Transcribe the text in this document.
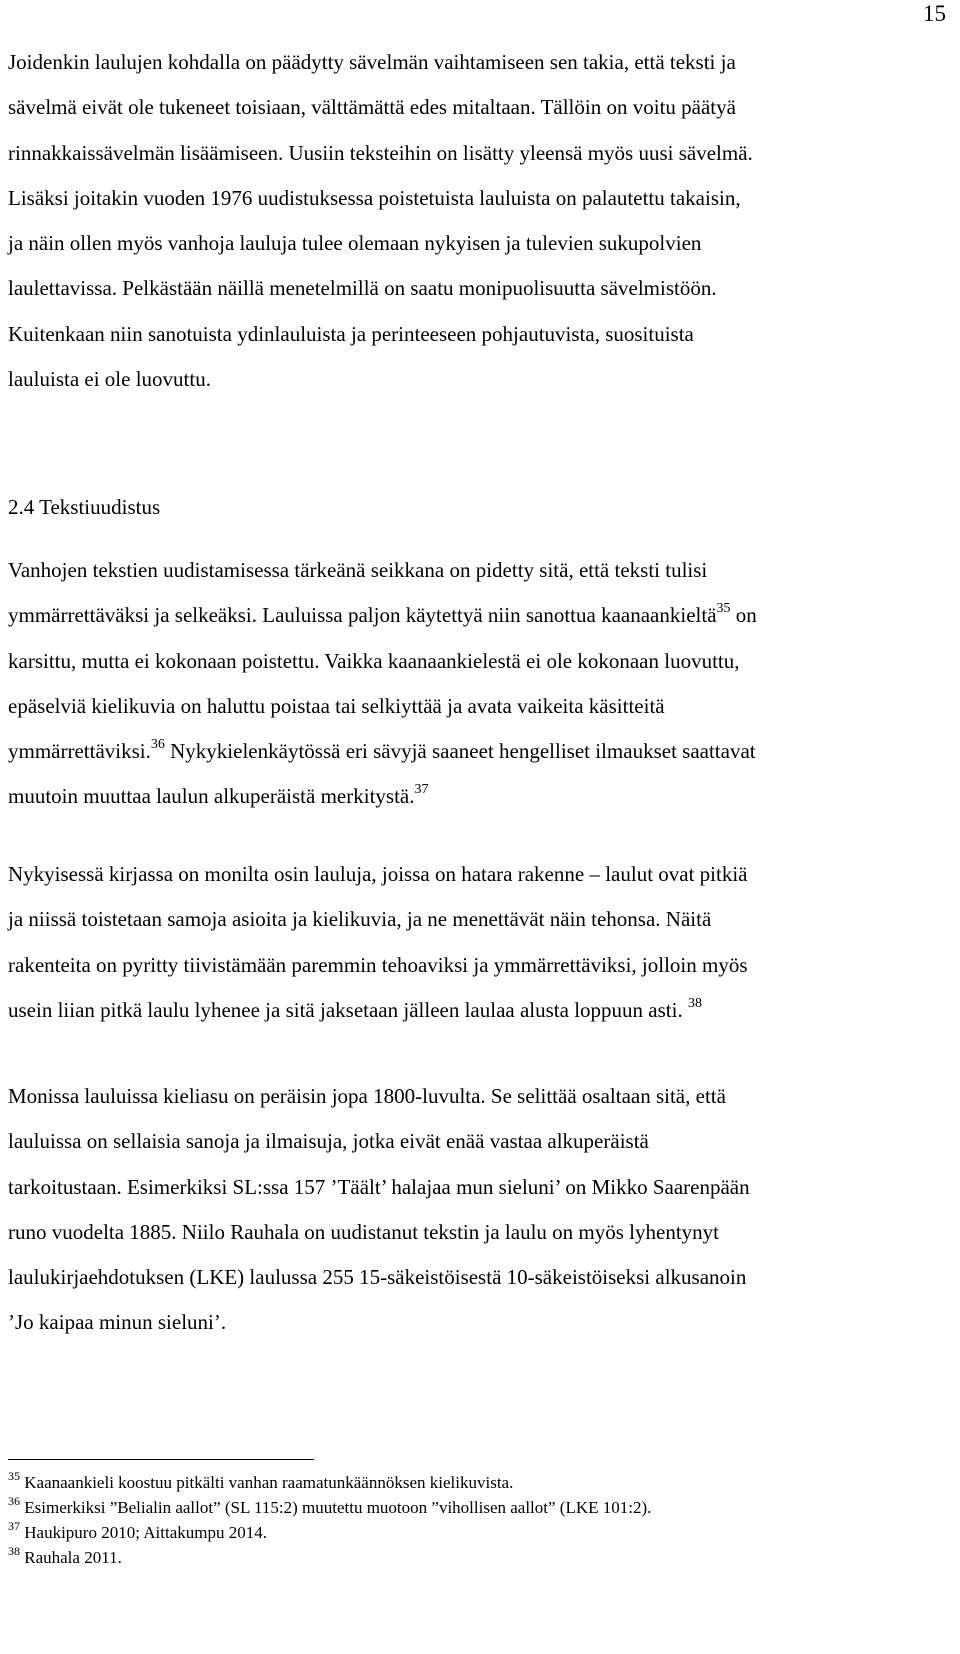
15

Joidenkin laulujen kohdalla on päädytty sävelmän vaihtamiseen sen takia, että teksti ja
sävelmä eivät ole tukeneet toisiaan, välttämättä edes mitaltaan. Tällöin on voitu päätyä
rinnakkaissävelmän lisäämiseen. Uusiin teksteihin on lisätty yleensä myös uusi sävelmä.
Lisäksi joitakin vuoden 1976 uudistuksessa poistetuista lauluista on palautettu takaisin,
ja näin ollen myös vanhoja lauluja tulee olemaan nykyisen ja tulevien sukupolvien
laulettavissa. Pelkästään näillä menetelmillä on saatu monipuolisuutta sävelmistöön.
Kuitenkaan niin sanotuista ydinlauluista ja perinteeseen pohjautuvista, suosituista
lauluista ei ole luovuttu.

2.4 Tekstiuudistus

Vanhojen tekstien uudistamisessa tärkeänä seikkana on pidetty sitä, että teksti tulisi
ymmärrettäväksi ja selkeäksi. Lauluissa paljon käytettyä niin sanottua kaanaankieltä$^{35}$ on
karsittu, mutta ei kokonaan poistettu. Vaikka kaanaankielestä ei ole kokonaan luovuttu,
epäselviä kielikuvia on haluttu poistaa tai selkiyttää ja avata vaikeita käsitteitä
ymmärrettäviksi.$^{36}$ Nykykielenkäytössä eri sävyjä saaneet hengelliset ilmaukset saattavat
muutoin muuttaa laulun alkuperäistä merkitystä.$^{37}$

Nykyisessä kirjassa on monilta osin lauluja, joissa on hatara rakenne – laulut ovat pitkiä
ja niissä toistetaan samoja asioita ja kielikuvia, ja ne menettävät näin tehonsa. Näitä
rakenteita on pyritty tiivistämään paremmin tehoaviksi ja ymmärrettäviksi, jolloin myös
usein liian pitkä laulu lyhenee ja sitä jaksetaan jälleen laulaa alusta loppuun asti. $^{38}$

Monissa lauluissa kieliasu on peräisin jopa 1800-luvulta. Se selittää osaltaan sitä, että
lauluissa on sellaisia sanoja ja ilmaisuja, jotka eivät enää vastaa alkuperäistä
tarkoitustaan. Esimerkiksi SL:ssa 157 ’Täält’ halajaa mun sieluni’ on Mikko Saarenpään
runo vuodelta 1885. Niilo Rauhala on uudistanut tekstin ja laulu on myös lyhentynyt
laulukirjaehdotuksen (LKE) laulussa 255 15-säkeistöisestä 10-säkeistöiseksi alkusanoin
’Jo kaipaa minun sieluni’.

$^{35}$ Kaanaankieli koostuu pitkälti vanhan raamatunkäännöksen kielikuvista.
$^{36}$ Esimerkiksi ”Belialin aallot” (SL 115:2) muutettu muotoon ”vihollisen aallot” (LKE 101:2).
$^{37}$ Haukipuro 2010; Aittakumpu 2014.
$^{38}$ Rauhala 2011.
